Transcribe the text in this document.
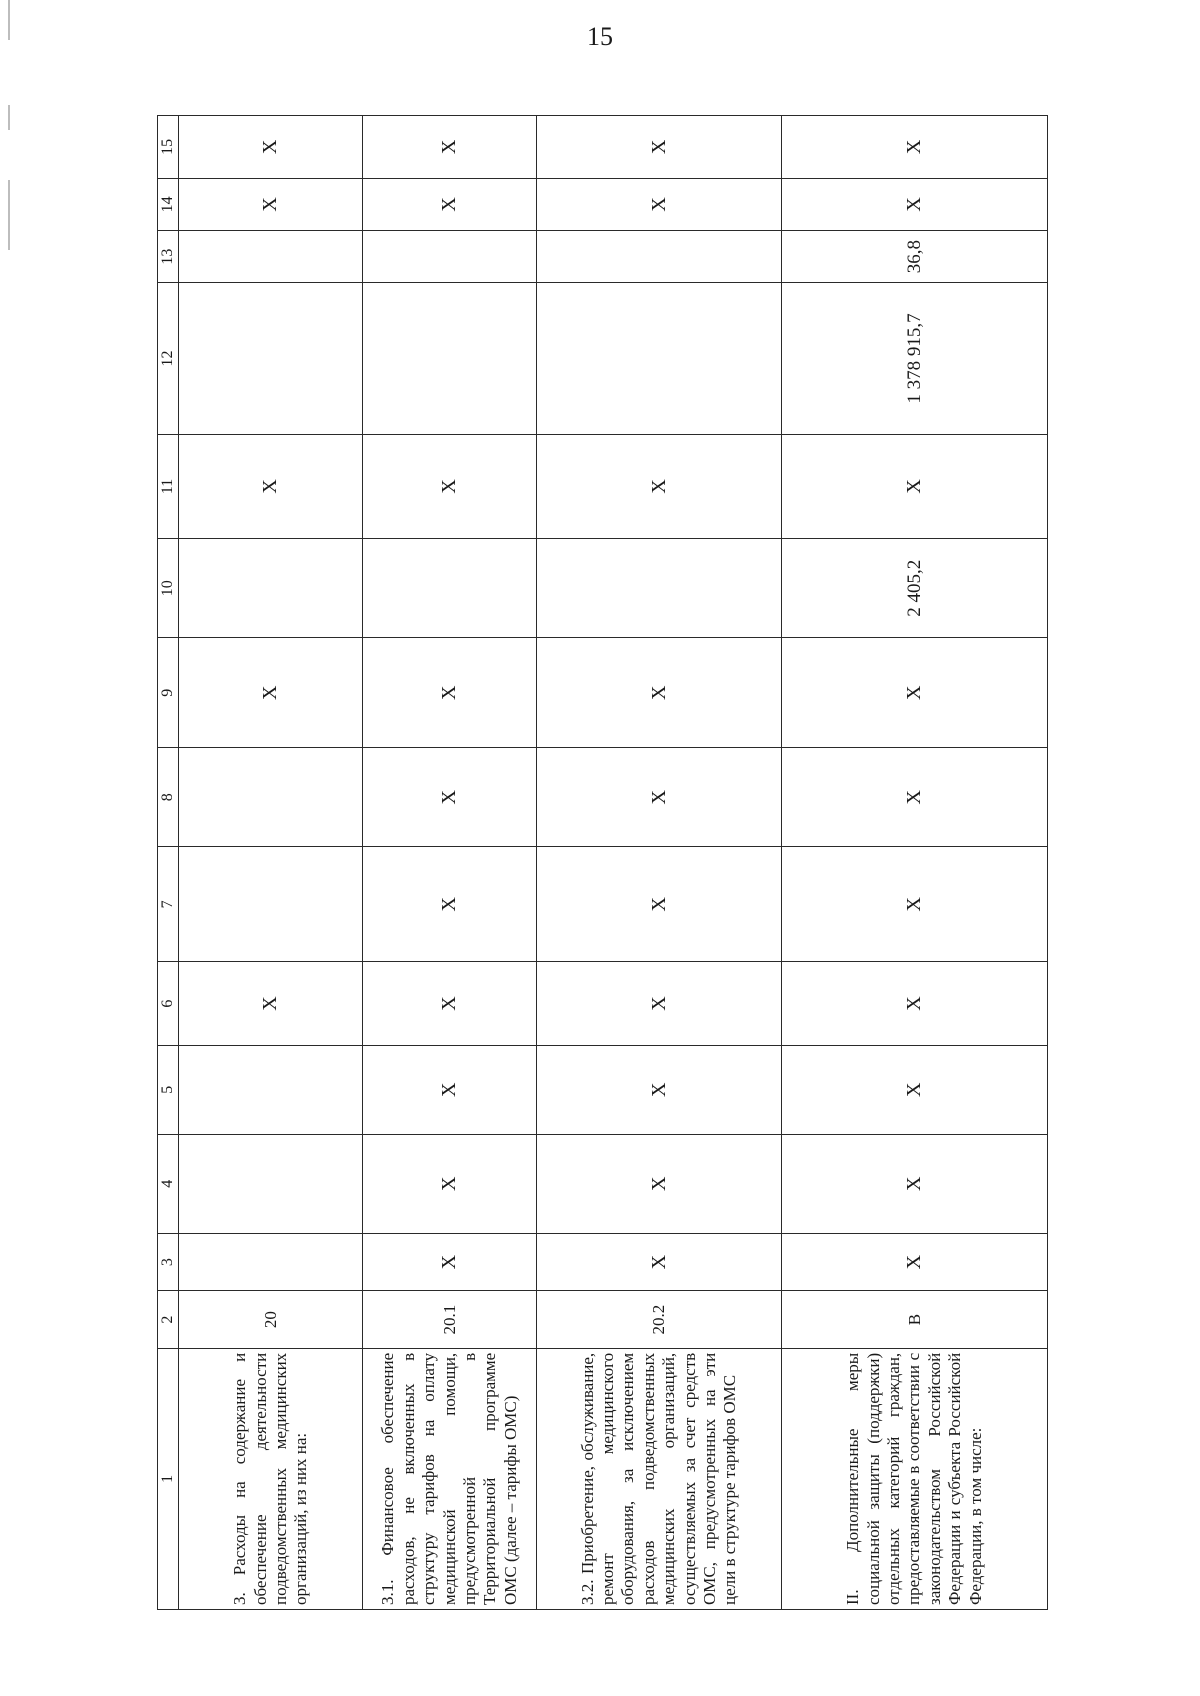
15
1	2	3	4	5	6	7	8	9	10	11	12	13	14	15
3. Расходы на содержание и обеспечение деятельности подведомственных медицинских организаций, из них на:	20				X			X		X			X	X
3.1. Финансовое обеспечение расходов, не включенных в структуру тарифов на оплату медицинской помощи, предусмотренной в Территориальной программе ОМС (далее – тарифы ОМС)	20.1	X	X	X	X	X	X	X		X			X	X
3.2. Приобретение, обслуживание, ремонт медицинского оборудования, за исключением расходов подведомственных медицинских организаций, осуществляемых за счет средств ОМС, предусмотренных на эти цели в структуре тарифов ОМС	20.2	X	X	X	X	X	X	X		X			X	X
II. Дополнительные меры социальной защиты (поддержки) отдельных категорий граждан, предоставляемые в соответствии с законодательством Российской Федерации и субъекта Российской Федерации, в том числе:	В	X	X	X	X	X	X	X	2 405,2	X	1 378 915,7	36,8	X	X
